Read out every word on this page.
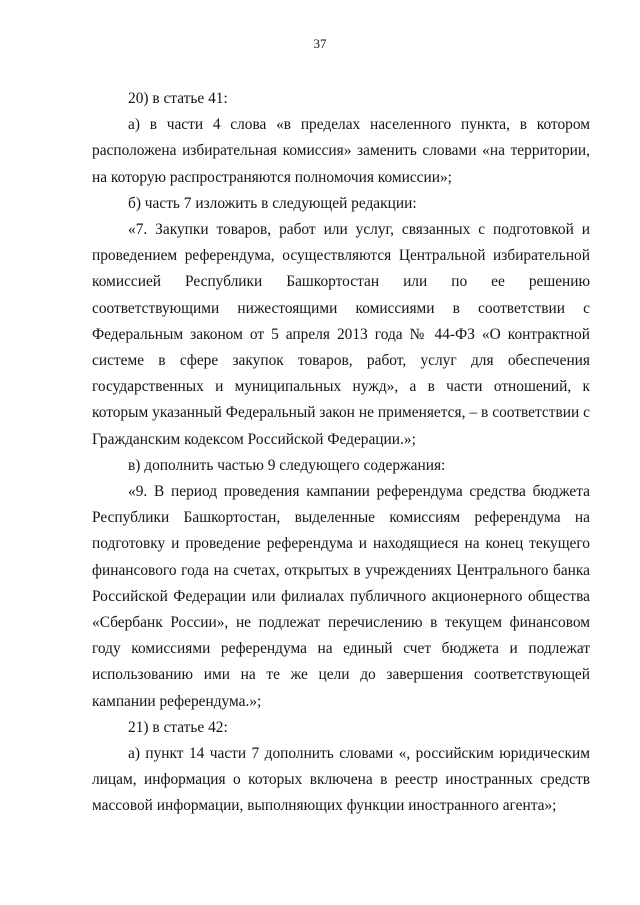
37

20) в статье 41:

а) в части 4 слова «в пределах населенного пункта, в котором расположена избирательная комиссия» заменить словами «на территории, на которую распространяются полномочия комиссии»;

б) часть 7 изложить в следующей редакции:

«7. Закупки товаров, работ или услуг, связанных с подготовкой и проведением референдума, осуществляются Центральной избирательной комиссией Республики Башкортостан или по ее решению соответствующими нижестоящими комиссиями в соответствии с Федеральным законом от 5 апреля 2013 года № 44-ФЗ «О контрактной системе в сфере закупок товаров, работ, услуг для обеспечения государственных и муниципальных нужд», а в части отношений, к которым указанный Федеральный закон не применяется, – в соответствии с Гражданским кодексом Российской Федерации.»;

в) дополнить частью 9 следующего содержания:

«9. В период проведения кампании референдума средства бюджета Республики Башкортостан, выделенные комиссиям референдума на подготовку и проведение референдума и находящиеся на конец текущего финансового года на счетах, открытых в учреждениях Центрального банка Российской Федерации или филиалах публичного акционерного общества «Сбербанк России», не подлежат перечислению в текущем финансовом году комиссиями референдума на единый счет бюджета и подлежат использованию ими на те же цели до завершения соответствующей кампании референдума.»;

21) в статье 42:

а) пункт 14 части 7 дополнить словами «, российским юридическим лицам, информация о которых включена в реестр иностранных средств массовой информации, выполняющих функции иностранного агента»;
